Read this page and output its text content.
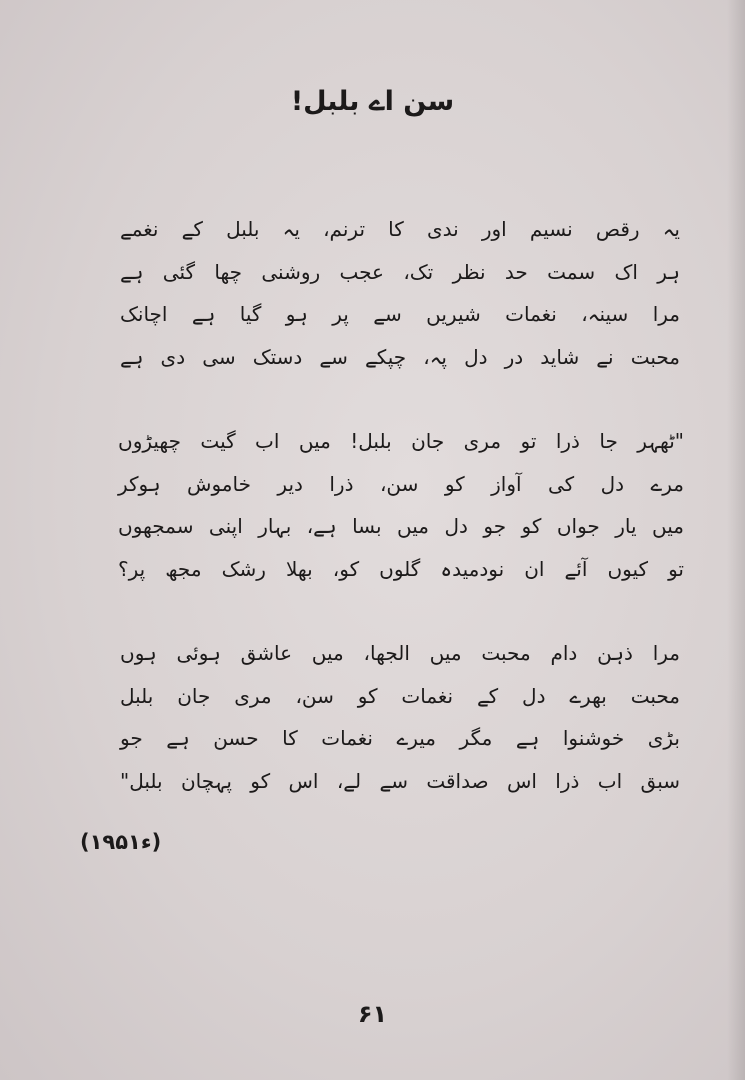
سن اے بلبل!
یہ رقص نسیم اور ندی کا ترنم، یہ بلبل کے نغمے
ہر اک سمت حد نظر تک، عجب روشنی چھا گئی ہے
مرا سینہ، نغمات شیریں سے پر ہو گیا ہے اچانک
محبت نے شاید در دل پہ، چپکے سے دستک سی دی ہے
"ٹھہر جا ذرا تو مری جان بلبل! میں اب گیت چھیڑوں
مرے دل کی آواز کو سن، ذرا دیر خاموش ہوکر
میں یار جواں کو جو دل میں بسا ہے، بہار اپنی سمجھوں
تو کیوں آئے ان نودمیدہ گلوں کو، بھلا رشک مجھ پر؟
مرا ذہن دام محبت میں الجھا، میں عاشق ہوئی ہوں
محبت بھرے دل کے نغمات کو سن، مری جان بلبل
بڑی خوشنوا ہے مگر میرے نغمات کا حسن ہے جو
سبق اب ذرا اس صداقت سے لے، اس کو پہچان بلبل"
(۱۹۵۱ء)
۶۱
